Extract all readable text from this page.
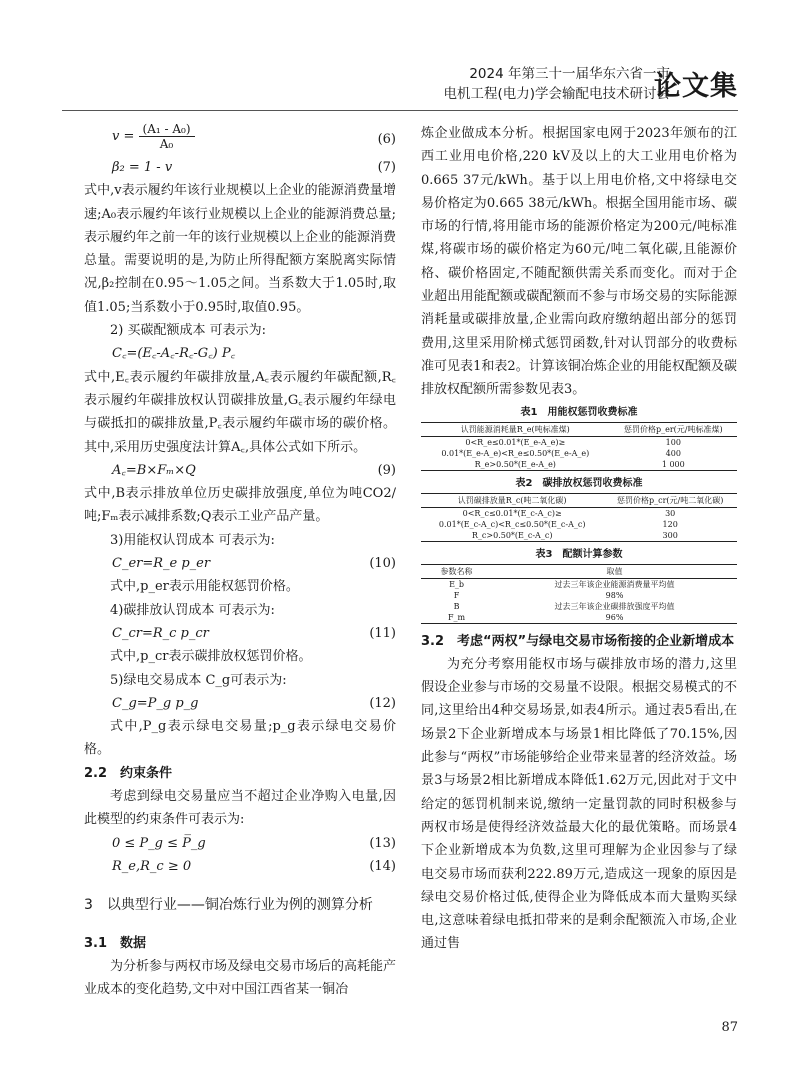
2024 年第三十一届华东六省一市
电机工程(电力)学会输配电技术研讨会
论文集
$v = \frac{\text{(A₁ - A₀)}}{\text{A₀}}$	(6)
β₂ = 1 - v	(7)

式中,v表示履约年该行业规模以上企业的能源消费量增速;A₀表示履约年该行业规模以上企业的能源消费总量;表示履约年之前一年的该行业规模以上企业的能源消费总量。需要说明的是,为防止所得配额方案脱离实际情况,β₂控制在0.95～1.05之间。当系数大于1.05时,取值1.05;当系数小于0.95时,取值0.95。

2) 买碳配额成本 可表示为:

C꜀=(E꜀-A꜀-R꜀-G꜀) P꜀

式中,E꜀表示履约年碳排放量,A꜀表示履约年碳配额,R꜀表示履约年碳排放权认罚碳排放量,G꜀表示履约年绿电与碳抵扣的碳排放量,P꜀表示履约年碳市场的碳价格。其中,采用历史强度法计算A꜀,具体公式如下所示。

A꜀=B×Fₘ×Q	(9)

式中,B表示排放单位历史碳排放强度,单位为吨CO2/吨;Fₘ表示减排系数;Q表示工业产品产量。

3)用能权认罚成本 可表示为:

C_er=R_e p_er	(10)

式中,p_er表示用能权惩罚价格。

4)碳排放认罚成本 可表示为:

C_cr=R_c p_cr	(11)

式中,p_cr表示碳排放权惩罚价格。

5)绿电交易成本 C_g可表示为:

C_g=P_g p_g	(12)

式中,P_g表示绿电交易量;p_g表示绿电交易价格。

2.2　约束条件

考虑到绿电交易量应当不超过企业净购入电量,因此模型的约束条件可表示为:

0 ≤ P_g ≤ P̅_g	(13)
R_e,R_c ≥ 0	(14)

3　以典型行业——铜冶炼行业为例的测算分析

3.1　数据

为分析参与两权市场及绿电交易市场后的高耗能产业成本的变化趋势,文中对中国江西省某一铜冶

炼企业做成本分析。根据国家电网于2023年颁布的江西工业用电价格,220 kV及以上的大工业用电价格为0.665 37元/kWh。基于以上用电价格,文中将绿电交易价格定为0.665 38元/kWh。根据全国用能市场、碳市场的行情,将用能市场的能源价格定为200元/吨标准煤,将碳市场的碳价格定为60元/吨二氧化碳,且能源价格、碳价格固定,不随配额供需关系而变化。而对于企业超出用能配额或碳配额而不参与市场交易的实际能源消耗量或碳排放量,企业需向政府缴纳超出部分的惩罚费用,这里采用阶梯式惩罚函数,针对认罚部分的收费标准可见表1和表2。计算该铜冶炼企业的用能权配额及碳排放权配额所需参数见表3。

表1　用能权惩罚收费标准
认罚能源消耗量R_e(吨标准煤)	惩罚价格p_er(元/吨标准煤)
0<R_e≤0.01*(E_e-A_e)≥	100
0.01*(E_e-A_e)<R_e≤0.50*(E_e-A_e)	400
R_e>0.50*(E_e-A_e)	1 000
表2　碳排放权惩罚收费标准
认罚碳排放量R_c(吨二氧化碳)	惩罚价格p_cr(元/吨二氧化碳)
0<R_c≤0.01*(E_c-A_c)≥	30
0.01*(E_c-A_c)<R_c≤0.50*(E_c-A_c)	120
R_c>0.50*(E_c-A_c)	300
表3　配额计算参数
参数名称	取值
E_b	过去三年该企业能源消费量平均值
F	98%
B	过去三年该企业碳排放强度平均值
F_m	96%

3.2　考虑“两权”与绿电交易市场衔接的企业新增成本

为充分考察用能权市场与碳排放市场的潜力,这里假设企业参与市场的交易量不设限。根据交易模式的不同,这里给出4种交易场景,如表4所示。通过表5看出,在场景2下企业新增成本与场景1相比降低了70.15%,因此参与“两权”市场能够给企业带来显著的经济效益。场景3与场景2相比新增成本降低1.62万元,因此对于文中给定的惩罚机制来说,缴纳一定量罚款的同时积极参与两权市场是使得经济效益最大化的最优策略。而场景4下企业新增成本为负数,这里可理解为企业因参与了绿电交易市场而获利222.89万元,造成这一现象的原因是绿电交易价格过低,使得企业为降低成本而大量购买绿电,这意味着绿电抵扣带来的是剩余配额流入市场,企业通过售

87
